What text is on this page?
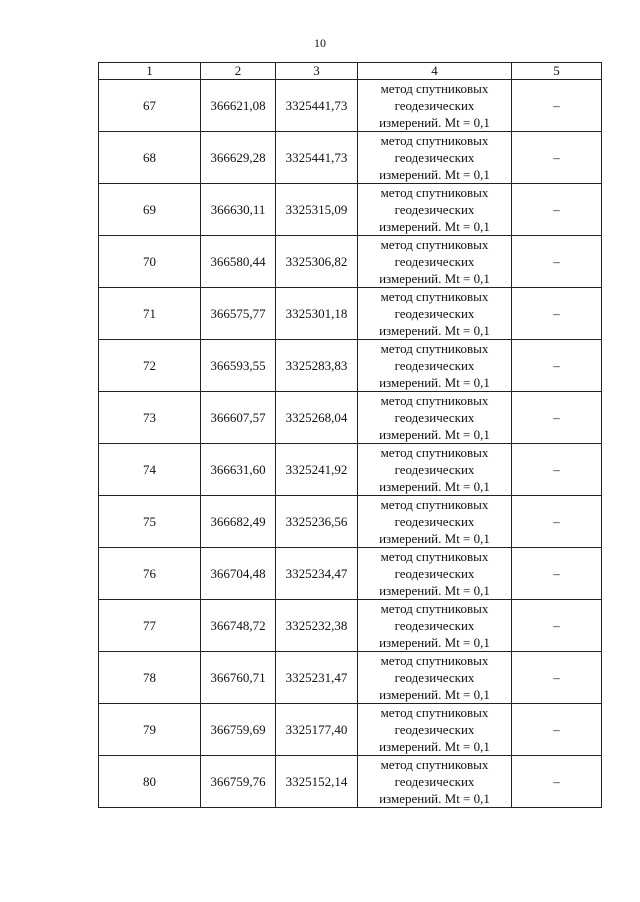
10
1	2	3	4	5
67	366621,08	3325441,73	метод спутниковых
геодезических
измерений. Mt = 0,1	–
68	366629,28	3325441,73	метод спутниковых
геодезических
измерений. Mt = 0,1	–
69	366630,11	3325315,09	метод спутниковых
геодезических
измерений. Mt = 0,1	–
70	366580,44	3325306,82	метод спутниковых
геодезических
измерений. Mt = 0,1	–
71	366575,77	3325301,18	метод спутниковых
геодезических
измерений. Mt = 0,1	–
72	366593,55	3325283,83	метод спутниковых
геодезических
измерений. Mt = 0,1	–
73	366607,57	3325268,04	метод спутниковых
геодезических
измерений. Mt = 0,1	–
74	366631,60	3325241,92	метод спутниковых
геодезических
измерений. Mt = 0,1	–
75	366682,49	3325236,56	метод спутниковых
геодезических
измерений. Mt = 0,1	–
76	366704,48	3325234,47	метод спутниковых
геодезических
измерений. Mt = 0,1	–
77	366748,72	3325232,38	метод спутниковых
геодезических
измерений. Mt = 0,1	–
78	366760,71	3325231,47	метод спутниковых
геодезических
измерений. Mt = 0,1	–
79	366759,69	3325177,40	метод спутниковых
геодезических
измерений. Mt = 0,1	–
80	366759,76	3325152,14	метод спутниковых
геодезических
измерений. Mt = 0,1	–
